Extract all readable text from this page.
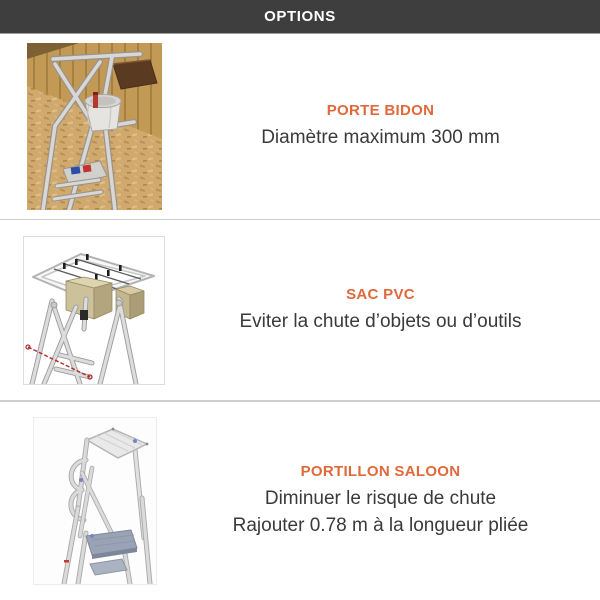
OPTIONS
PORTE BIDON

Diamètre maximum 300 mm

SAC PVC

Eviter la chute d’objets ou d’outils

PORTILLON SALOON

Diminuer le risque de chute

Rajouter 0.78 m à la longueur pliée
